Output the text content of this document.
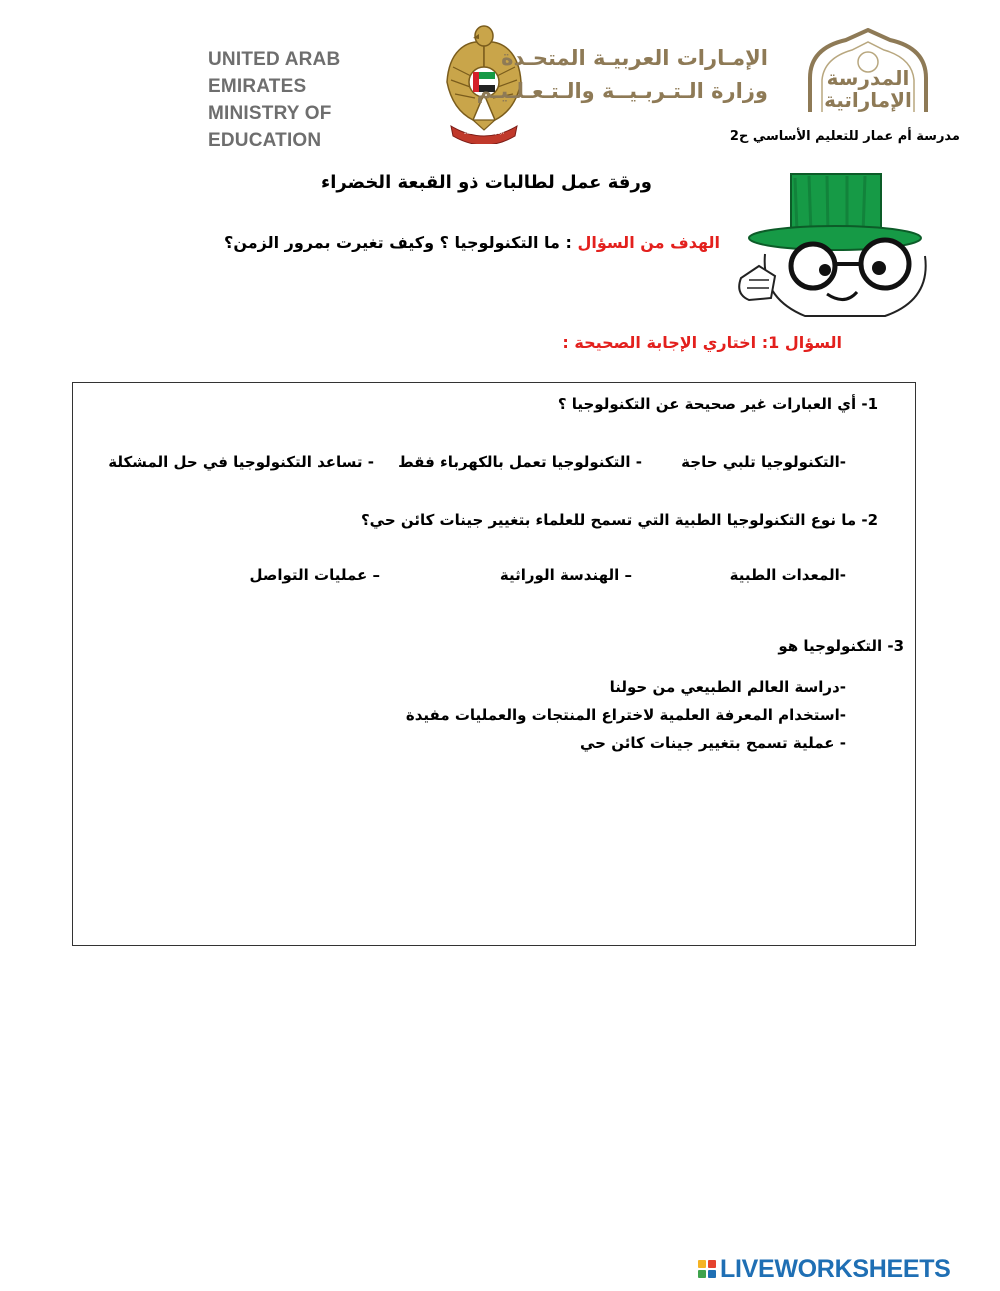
UNITED ARAB EMIRATES
MINISTRY OF EDUCATION	الإمارات العربية المتحدة
الإمـارات العربيـة المتحـدة
وزارة الـتـربـيــة والـتـعـلـيـم
المدرسة
الإماراتية
مدرسة أم عمار للتعليم الأساسي ح2
ورقة عمل لطالبات ذو القبعة الخضراء
الهدف من السؤال : ما التكنولوجيا ؟ وكيف تغيرت بمرور الزمن؟
السؤال 1: اختاري الإجابة الصحيحة :
1- أي العبارات غير صحيحة عن التكنولوجيا ؟
-التكنولوجيا تلبي حاجة
- التكنولوجيا تعمل بالكهرباء فقط
- تساعد التكنولوجيا في حل المشكلة
2- ما نوع التكنولوجيا الطبية التي تسمح للعلماء بتغيير جينات كائن حي؟
-المعدات الطبية
– الهندسة الوراثية
– عمليات التواصل
3- التكنولوجيا هو
-دراسة العالم الطبيعي من حولنا
-استخدام المعرفة العلمية لاختراع المنتجات والعمليات مفيدة
- عملية تسمح بتغيير جينات كائن حي
LIVEWORKSHEETS
